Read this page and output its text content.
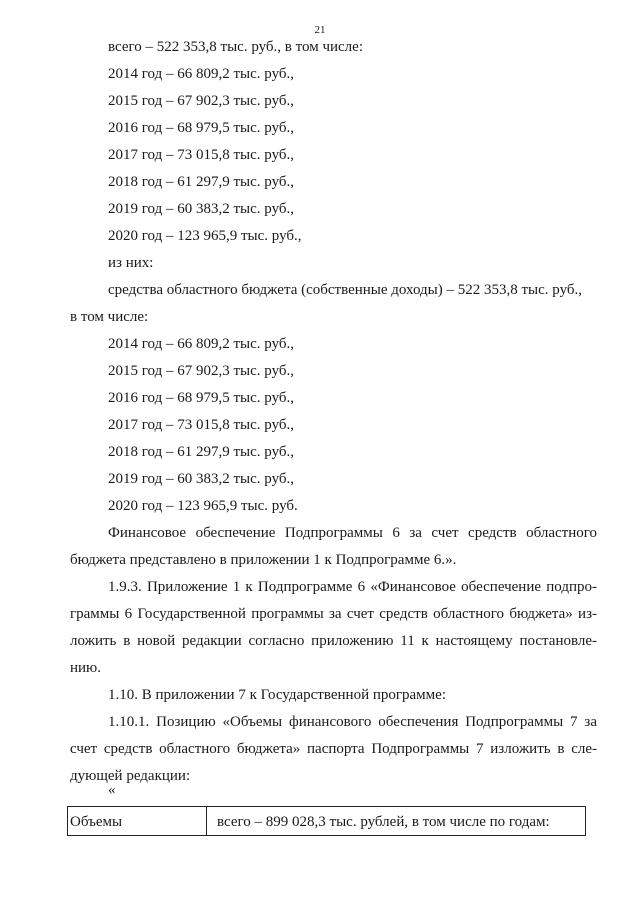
21
всего – 522 353,8 тыс. руб., в том числе:
2014 год – 66 809,2 тыс. руб.,
2015 год – 67 902,3 тыс. руб.,
2016 год – 68 979,5 тыс. руб.,
2017 год – 73 015,8 тыс. руб.,
2018 год – 61 297,9 тыс. руб.,
2019 год – 60 383,2 тыс. руб.,
2020 год – 123 965,9 тыс. руб.,
из них:
средства областного бюджета (собственные доходы) – 522 353,8 тыс. руб.,
в том числе:
2014 год – 66 809,2 тыс. руб.,
2015 год – 67 902,3 тыс. руб.,
2016 год – 68 979,5 тыс. руб.,
2017 год – 73 015,8 тыс. руб.,
2018 год – 61 297,9 тыс. руб.,
2019 год – 60 383,2 тыс. руб.,
2020 год – 123 965,9 тыс. руб.
Финансовое обеспечение Подпрограммы 6 за счет средств областного
бюджета представлено в приложении 1 к Подпрограмме 6.».
1.9.3. Приложение 1 к Подпрограмме 6 «Финансовое обеспечение подпро-
граммы 6 Государственной программы за счет средств областного бюджета» из-
ложить в новой редакции согласно приложению 11 к настоящему постановле-
нию.
1.10. В приложении 7 к Государственной программе:
1.10.1. Позицию «Объемы финансового обеспечения Подпрограммы 7 за
счет средств областного бюджета» паспорта Подпрограммы 7 изложить в сле-
дующей редакции:
«
Объемы	всего – 899 028,3 тыс. рублей, в том числе по годам:
